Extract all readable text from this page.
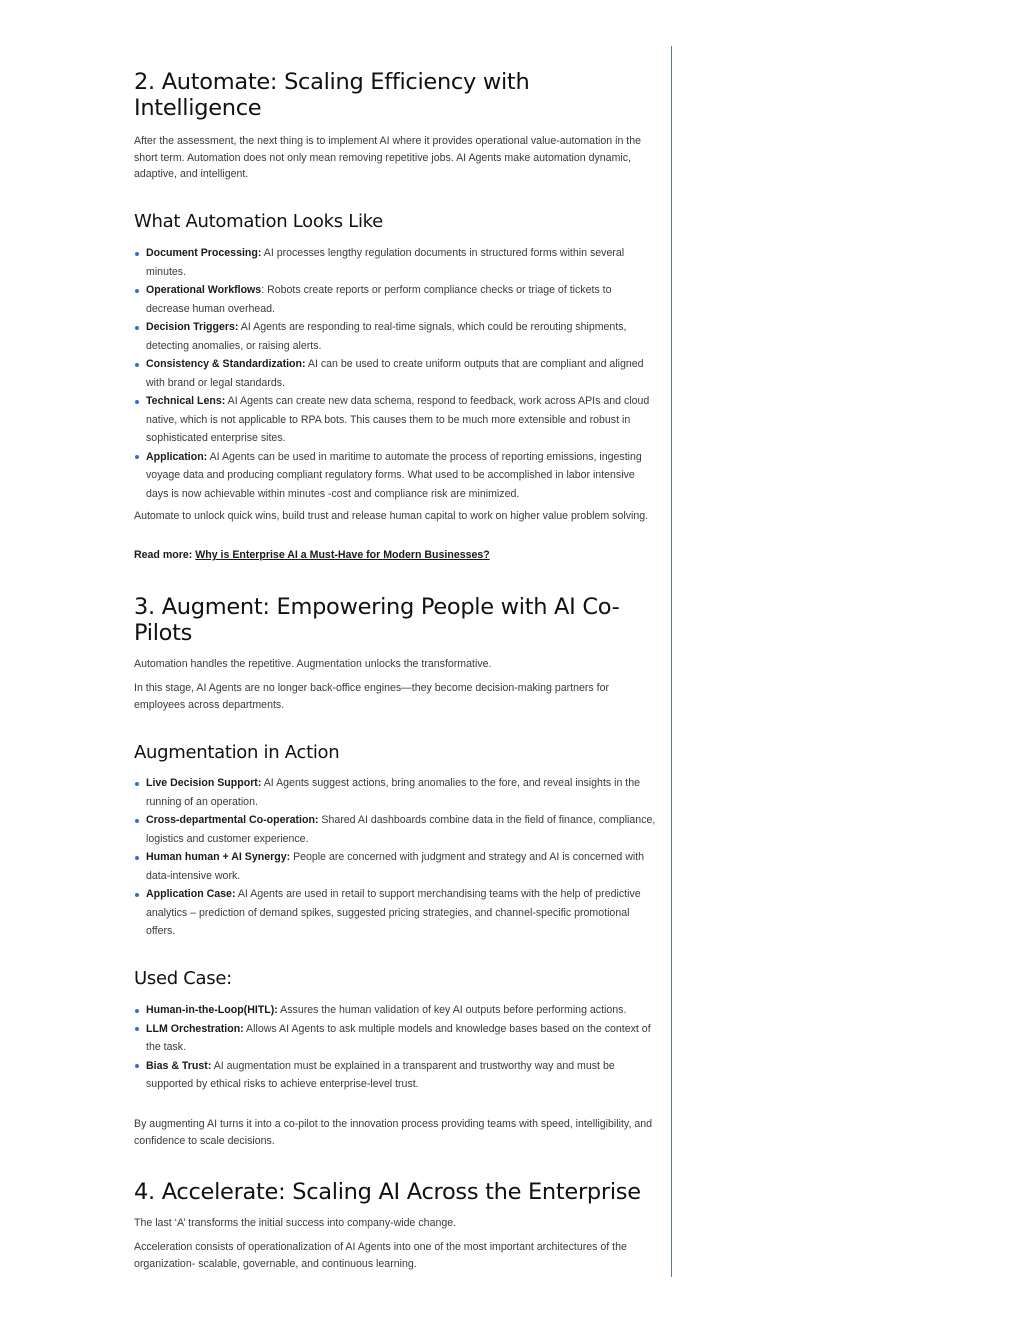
2. Automate: Scaling Efficiency with Intelligence

After the assessment, the next thing is to implement AI where it provides operational value-automation in the short term. Automation does not only mean removing repetitive jobs. AI Agents make automation dynamic, adaptive, and intelligent.

What Automation Looks Like
Document Processing: AI processes lengthy regulation documents in structured forms within several minutes.
Operational Workflows: Robots create reports or perform compliance checks or triage of tickets to decrease human overhead.
Decision Triggers: AI Agents are responding to real-time signals, which could be rerouting shipments, detecting anomalies, or raising alerts.
Consistency & Standardization: AI can be used to create uniform outputs that are compliant and aligned with brand or legal standards.
Technical Lens: AI Agents can create new data schema, respond to feedback, work across APIs and cloud native, which is not applicable to RPA bots. This causes them to be much more extensible and robust in sophisticated enterprise sites.
Application: AI Agents can be used in maritime to automate the process of reporting emissions, ingesting voyage data and producing compliant regulatory forms. What used to be accomplished in labor intensive days is now achievable within minutes -cost and compliance risk are minimized.

Automate to unlock quick wins, build trust and release human capital to work on higher value problem solving.

Read more: Why is Enterprise AI a Must-Have for Modern Businesses?

3. Augment: Empowering People with AI Co-Pilots

Automation handles the repetitive. Augmentation unlocks the transformative.

In this stage, AI Agents are no longer back-office engines—they become decision-making partners for employees across departments.

Augmentation in Action
Live Decision Support: AI Agents suggest actions, bring anomalies to the fore, and reveal insights in the running of an operation.
Cross-departmental Co-operation: Shared AI dashboards combine data in the field of finance, compliance, logistics and customer experience.
Human human + AI Synergy: People are concerned with judgment and strategy and AI is concerned with data-intensive work.
Application Case: AI Agents are used in retail to support merchandising teams with the help of predictive analytics – prediction of demand spikes, suggested pricing strategies, and channel-specific promotional offers.
Used Case:
Human-in-the-Loop(HITL): Assures the human validation of key AI outputs before performing actions.
LLM Orchestration: Allows AI Agents to ask multiple models and knowledge bases based on the context of the task.
Bias & Trust: AI augmentation must be explained in a transparent and trustworthy way and must be supported by ethical risks to achieve enterprise-level trust.

By augmenting AI turns it into a co-pilot to the innovation process providing teams with speed, intelligibility, and confidence to scale decisions.

4. Accelerate: Scaling AI Across the Enterprise

The last ‘A’ transforms the initial success into company-wide change.

Acceleration consists of operationalization of AI Agents into one of the most important architectures of the organization- scalable, governable, and continuous learning.
